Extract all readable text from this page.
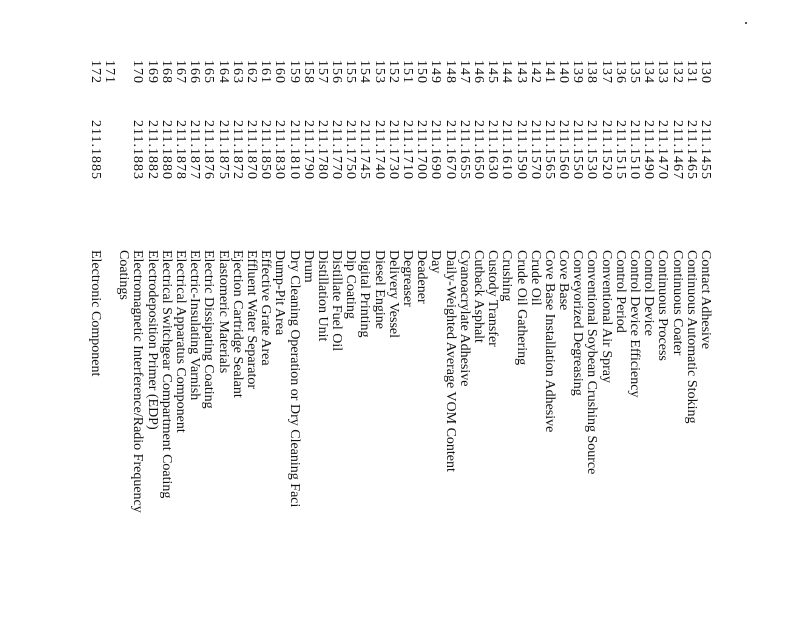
130
211.1455
Contact Adhesive
131
211.1465
Continuous Automatic Stoking
132
211.1467
Continuous Coater
133
211.1470
Continuous Process
134
211.1490
Control Device
135
211.1510
Control Device Efficiency
136
211.1515
Control Period
137
211.1520
Conventional Air Spray
138
211.1530
Conventional Soybean Crushing Source
139
211.1550
Conveyorized Degreasing
140
211.1560
Cove Base
141
211.1565
Cove Base Installation Adhesive
142
211.1570
Crude Oil
143
211.1590
Crude Oil Gathering
144
211.1610
Crushing
145
211.1630
Custody Transfer
146
211.1650
Cutback Asphalt
147
211.1655
Cyanoacrylate Adhesive
148
211.1670
Daily-Weighted Average VOM Content
149
211.1690
Day
150
211.1700
Deadener
151
211.1710
Degreaser
152
211.1730
Delivery Vessel
153
211.1740
Diesel Engine
154
211.1745
Digital Printing
155
211.1750
Dip Coating
156
211.1770
Distillate Fuel Oil
157
211.1780
Distillation Unit
158
211.1790
Drum
159
211.1810
Dry Cleaning Operation or Dry Cleaning Faci
160
211.1830
Dump-Pit Area
161
211.1850
Effective Grate Area
162
211.1870
Effluent Water Separator
163
211.1872
Ejection Cartridge Sealant
164
211.1875
Elastomeric Materials
165
211.1876
Electric Dissipating Coating
166
211.1877
Electric-Insulating Varnish
167
211.1878
Electrical Apparatus Component
168
211.1880
Electrical Switchgear Compartment Coating
169
211.1882
Electrodeposition Primer (EDP)
170
211.1883
Electromagnetic Interference/Radio Frequency
Coatings
171
172
211.1885
Electronic Component
